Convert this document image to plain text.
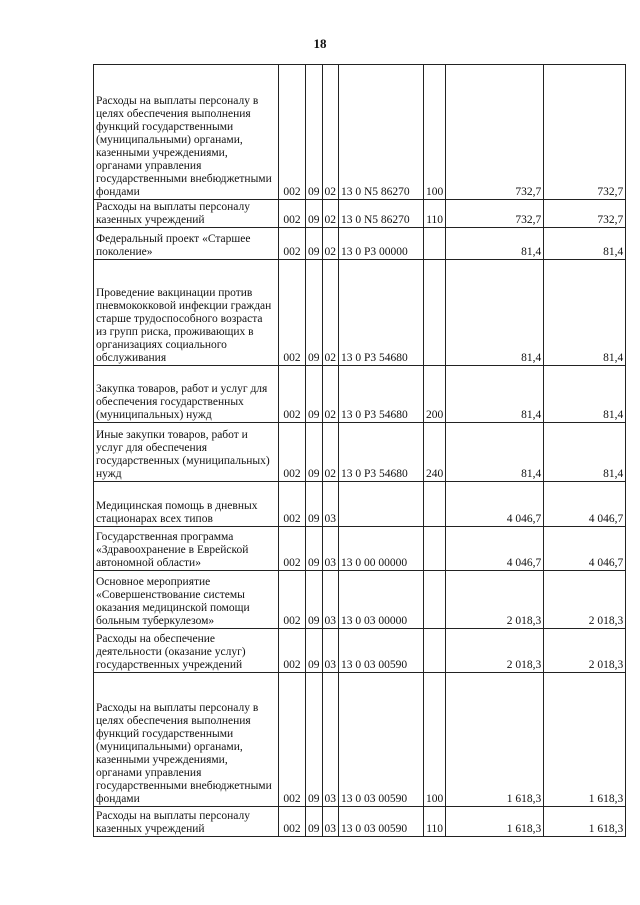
18
Расходы на выплаты персоналу в целях обеспечения выполнения функций государственными (муниципальными) органами, казенными учреждениями, органами управления государственными внебюджетными фондами	002	09	02	13 0 N5 86270	100	732,7	732,7
Расходы на выплаты персоналу казенных учреждений	002	09	02	13 0 N5 86270	110	732,7	732,7
Федеральный проект «Старшее поколение»	002	09	02	13 0 P3 00000		81,4	81,4
Проведение вакцинации против пневмококковой инфекции граждан старше трудоспособного возраста из групп риска, проживающих в организациях социального обслуживания	002	09	02	13 0 P3 54680		81,4	81,4
Закупка товаров, работ и услуг для обеспечения государственных (муниципальных) нужд	002	09	02	13 0 P3 54680	200	81,4	81,4
Иные закупки товаров, работ и услуг для обеспечения государственных (муниципальных) нужд	002	09	02	13 0 P3 54680	240	81,4	81,4
Медицинская помощь в дневных стационарах всех типов	002	09	03			4 046,7	4 046,7
Государственная программа «Здравоохранение в Еврейской автономной области»	002	09	03	13 0 00 00000		4 046,7	4 046,7
Основное мероприятие «Совершенствование системы оказания медицинской помощи больным туберкулезом»	002	09	03	13 0 03 00000		2 018,3	2 018,3
Расходы на обеспечение деятельности (оказание услуг) государственных учреждений	002	09	03	13 0 03 00590		2 018,3	2 018,3
Расходы на выплаты персоналу в целях обеспечения выполнения функций государственными (муниципальными) органами, казенными учреждениями, органами управления государственными внебюджетными фондами	002	09	03	13 0 03 00590	100	1 618,3	1 618,3
Расходы на выплаты персоналу казенных учреждений	002	09	03	13 0 03 00590	110	1 618,3	1 618,3
